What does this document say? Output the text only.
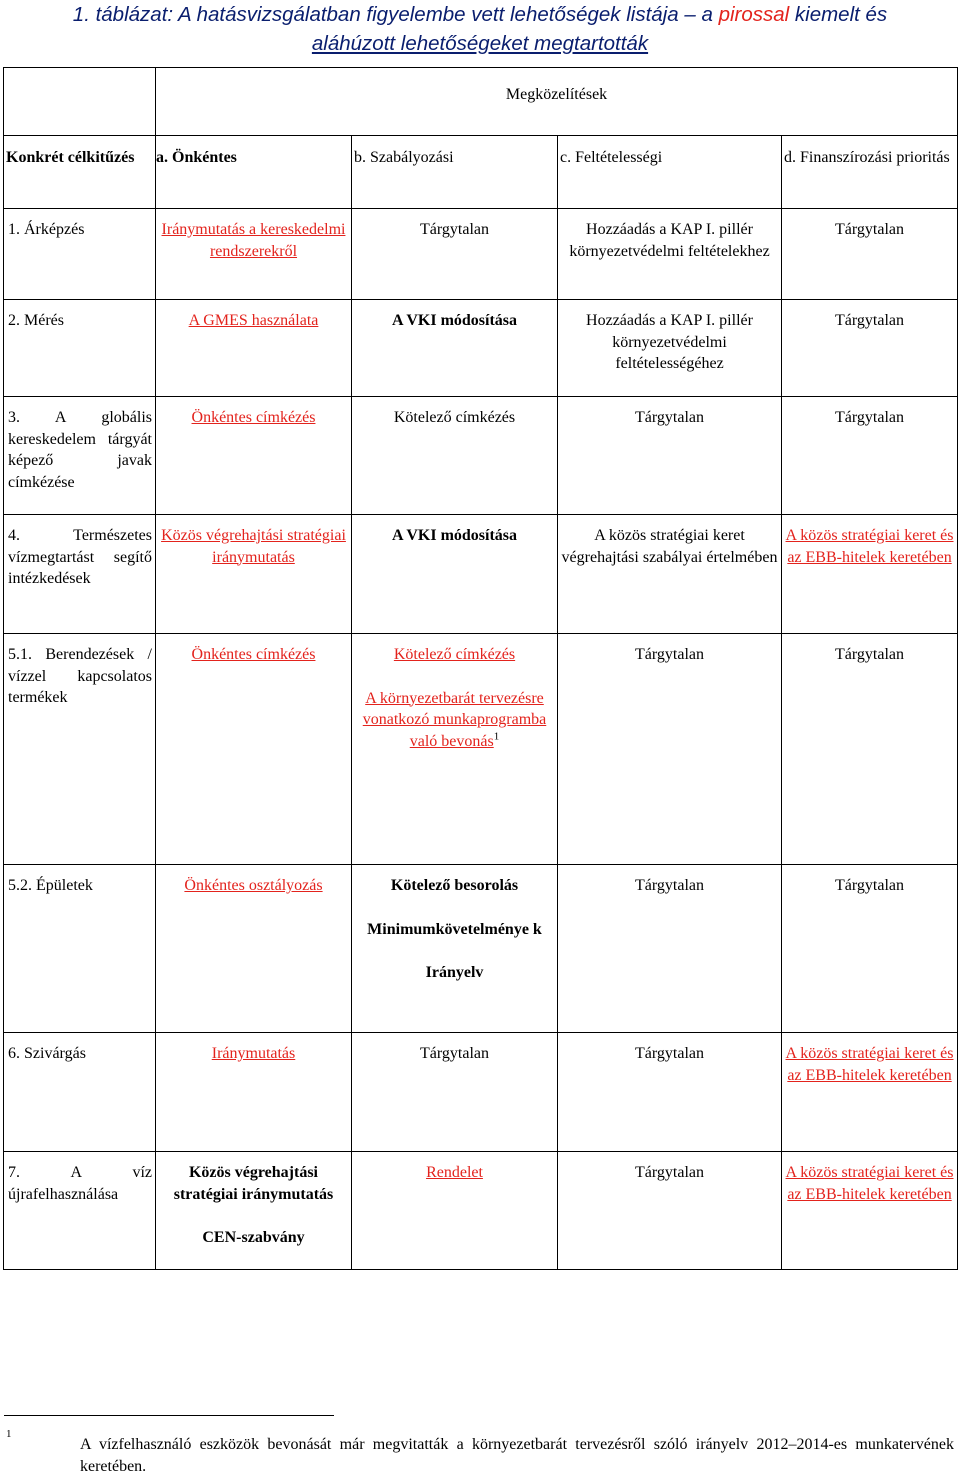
1. táblázat: A hatásvizsgálatban figyelembe vett lehetőségek listája – a pirossal kiemelt és
aláhúzott lehetőségeket megtartották

	Megközelítések			

Konkrét célkitűzés	a. Önkéntes	b. Szabályozási	c. Feltételességi	d. Finanszírozási prioritás

1. Árképzés	Iránymutatás a kereskedelmi rendszerekről	Tárgytalan	Hozzáadás a KAP I. pillér környezetvédelmi feltételekhez	Tárgytalan

2. Mérés	A GMES használata	A VKI módosítása	Hozzáadás a KAP I. pillér környezetvédelmi feltételességéhez	Tárgytalan

3. A globális kereskedelem tárgyát képező javak címkézése	Önkéntes címkézés	Kötelező címkézés	Tárgytalan	Tárgytalan

4. Természetes vízmegtartást segítő intézkedések	Közös végrehajtási stratégiai iránymutatás	A VKI módosítása	A közös stratégiai keret végrehajtási szabályai értelmében	A közös stratégiai keret és az EBB-hitelek keretében

5.1. Berendezések / vízzel kapcsolatos termékek	Önkéntes címkézés	Kötelező címkézés
A környezetbarát tervezésre vonatkozó munkaprogramba való bevonás$^1$	Tárgytalan	Tárgytalan

5.2. Épületek	Önkéntes osztályozás	Kötelező besorolás
Minimumkövetelménye k
Irányelv	Tárgytalan	Tárgytalan

6. Szivárgás	Iránymutatás	Tárgytalan	Tárgytalan	A közös stratégiai keret és az EBB-hitelek keretében

7. A víz újrafelhasználása	Közös végrehajtási stratégiai iránymutatás
CEN-szabvány	Rendelet	Tárgytalan	A közös stratégiai keret és az EBB-hitelek keretében
1
A vízfelhasználó eszközök bevonását már megvitatták a környezetbarát tervezésről szóló irányelv 2012–2014-es munkatervének keretében.
